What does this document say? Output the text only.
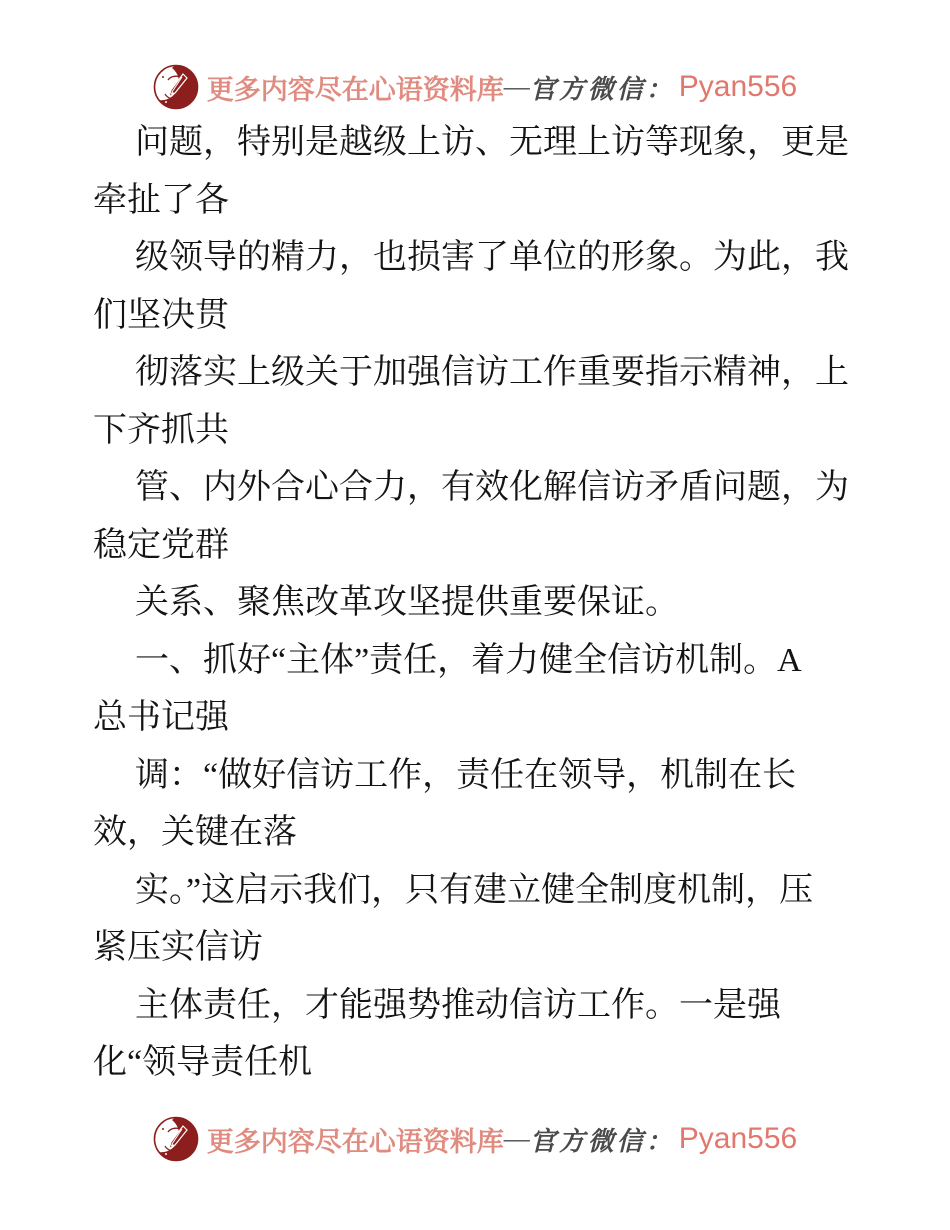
更多内容尽在心语资料库 — 官方微信： Pyan556
问题，特别是越级上访、无理上访等现象，更是
牵扯了各
级领导的精力，也损害了单位的形象。为此，我
们坚决贯
彻落实上级关于加强信访工作重要指示精神，上
下齐抓共
管、内外合心合力，有效化解信访矛盾问题，为
稳定党群
关系、聚焦改革攻坚提供重要保证。
一、抓好“主体”责任，着力健全信访机制。A
总书记强
调：“做好信访工作，责任在领导，机制在长
效，关键在落
实。”这启示我们，只有建立健全制度机制，压
紧压实信访
主体责任，才能强势推动信访工作。一是强
化“领导责任机
更多内容尽在心语资料库 — 官方微信： Pyan556
